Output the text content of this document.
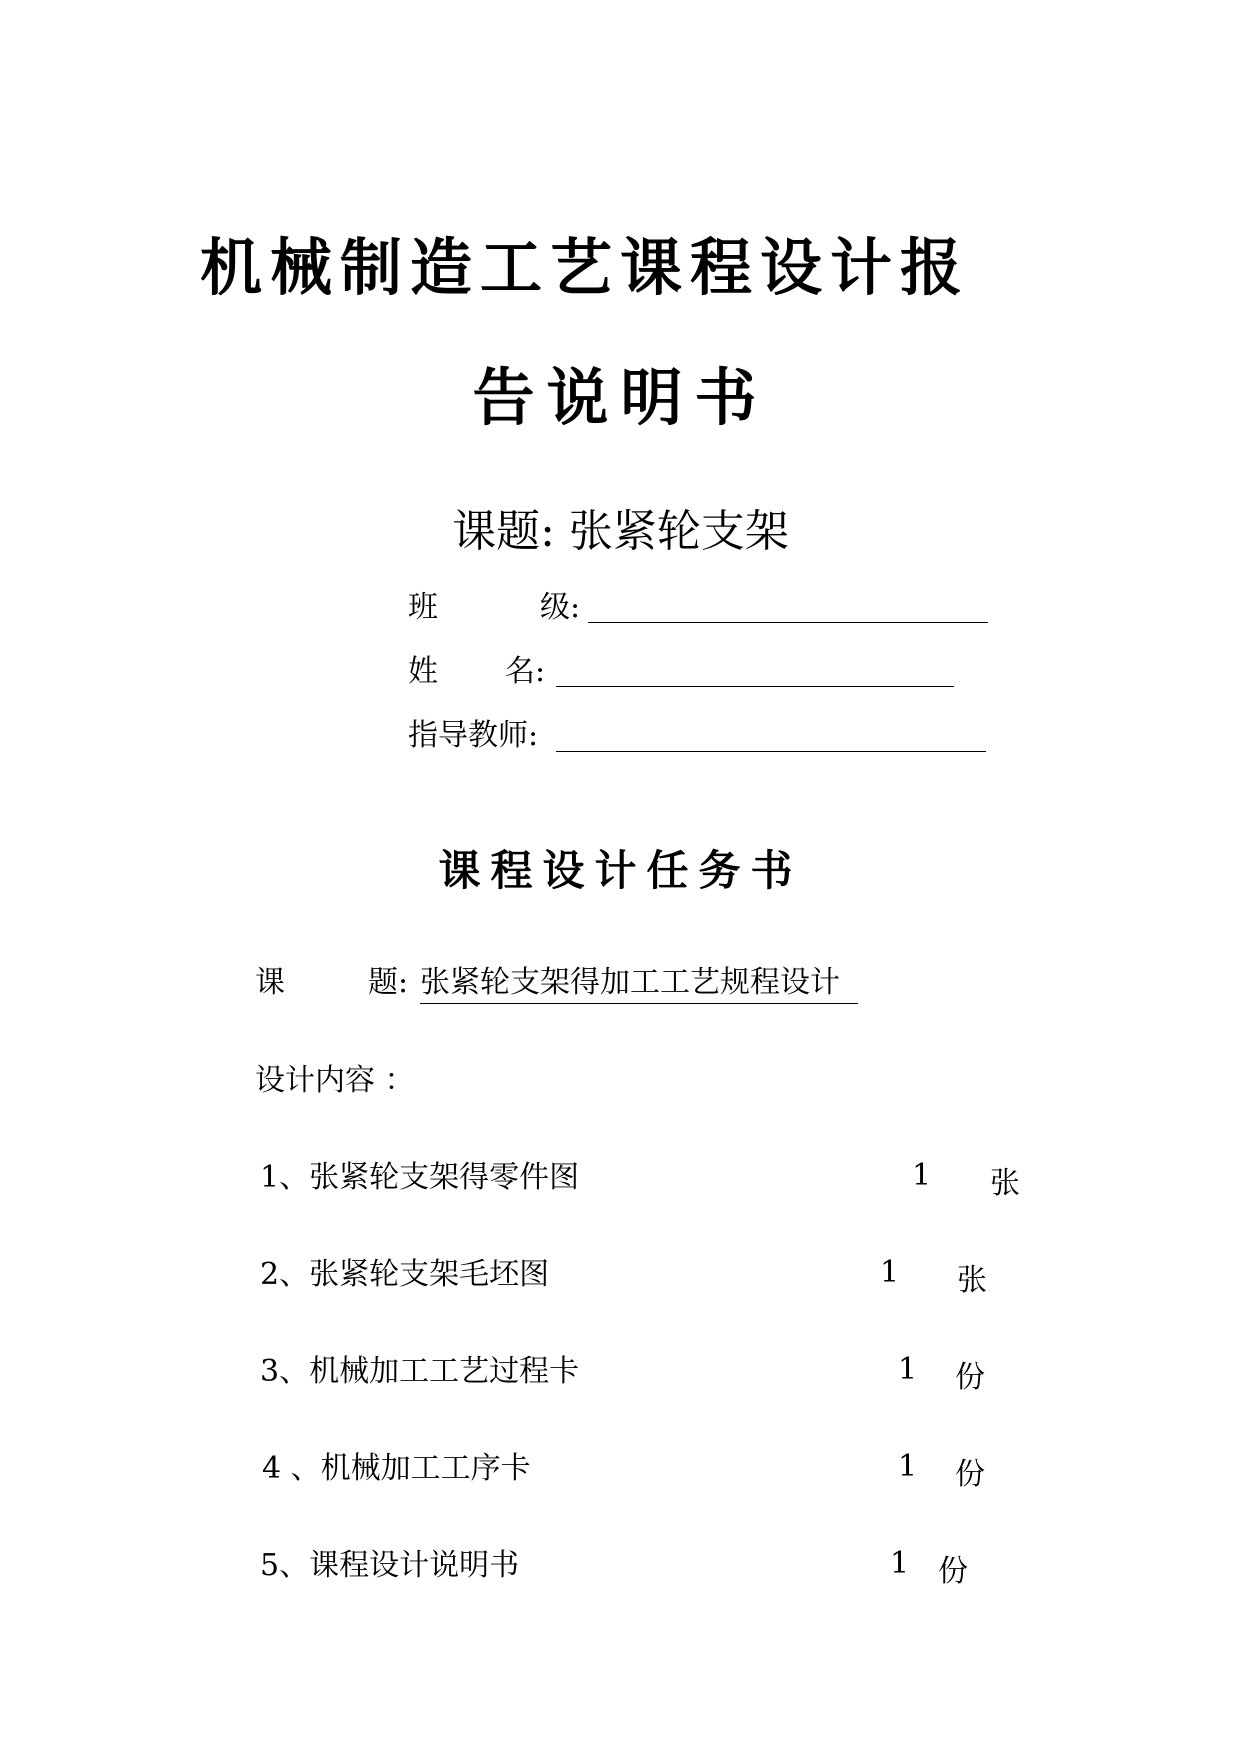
机械制造工艺课程设计报
告说明书
课题: 张紧轮支架
班	级:
姓 名:
指导教师:
课程设计任务书
课	题: 张紧轮支架得加工工艺规程设计
设计内容 ：
1、张紧轮支架得零件图	1 张
2、张紧轮支架毛坯图	1 张
3、机械加工工艺过程卡	1 份
4 、机械加工工序卡	1 份
5、课程设计说明书	1 份
